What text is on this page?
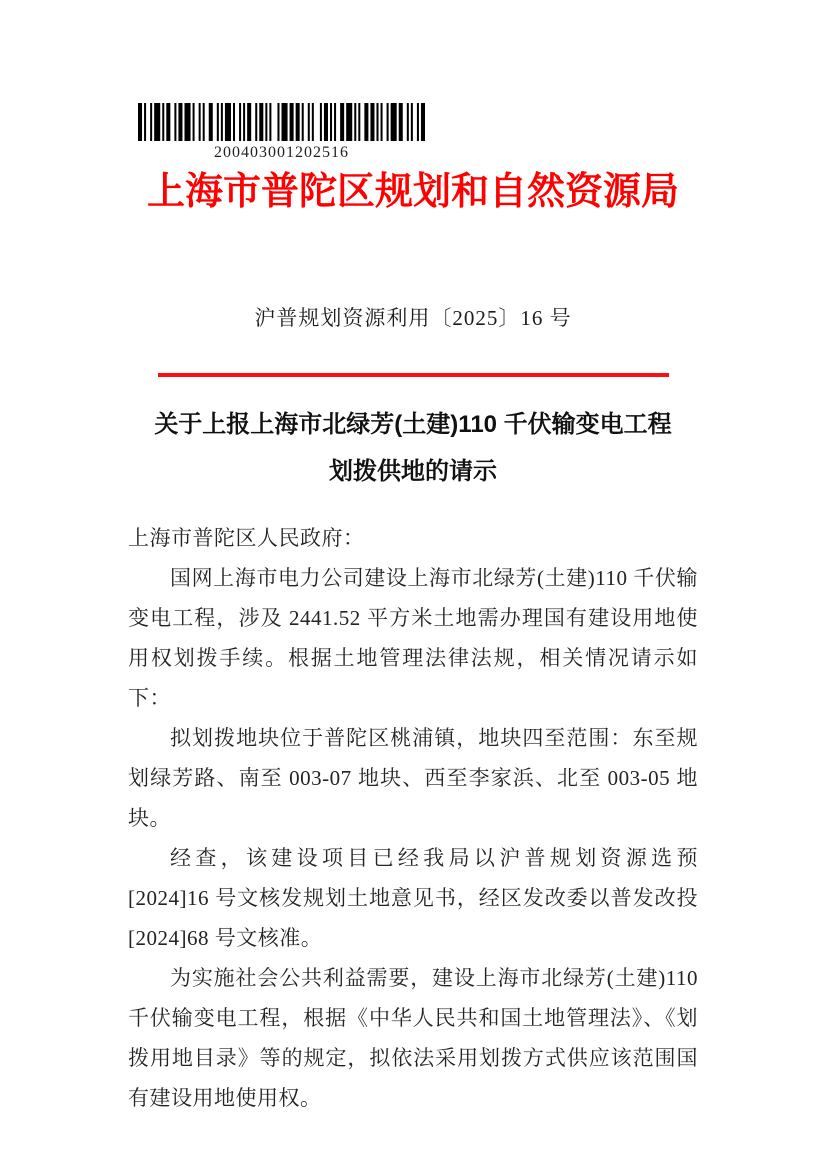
200403001202516
上海市普陀区规划和自然资源局
沪普规划资源利用〔2025〕16 号
关于上报上海市北绿芳(土建)110 千伏输变电工程
划拨供地的请示

上海市普陀区人民政府：

国网上海市电力公司建设上海市北绿芳(土建)110 千伏输变电工程，涉及 2441.52 平方米土地需办理国有建设用地使用权划拨手续。根据土地管理法律法规，相关情况请示如下：

拟划拨地块位于普陀区桃浦镇，地块四至范围：东至规划绿芳路、南至 003-07 地块、西至李家浜、北至 003-05 地块。

经查，该建设项目已经我局以沪普规划资源选预[2024]16 号文核发规划土地意见书，经区发改委以普发改投[2024]68 号文核准。

为实施社会公共利益需要，建设上海市北绿芳(土建)110 千伏输变电工程，根据《中华人民共和国土地管理法》、《划拨用地目录》等的规定，拟依法采用划拨方式供应该范围国有建设用地使用权。
